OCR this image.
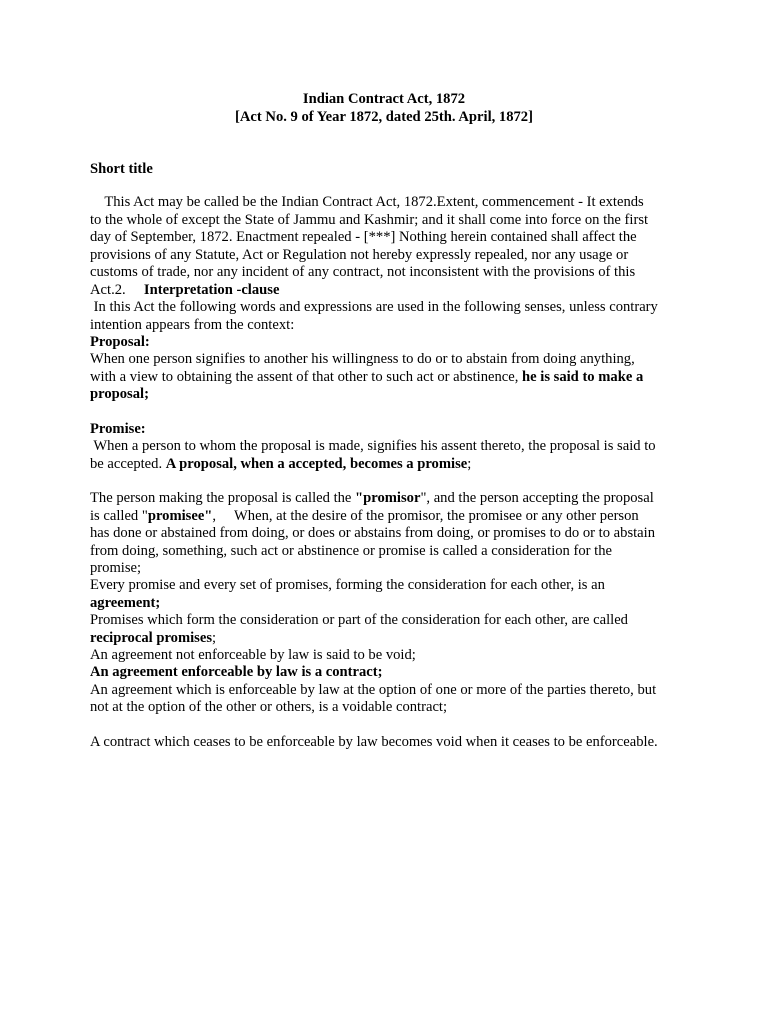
Indian Contract Act, 1872
[Act No. 9 of Year 1872, dated 25th. April, 1872]
Short title
This Act may be called be the Indian Contract Act, 1872.Extent, commencement - It extends
to the whole of except the State of Jammu and Kashmir; and it shall come into force on the first
day of September, 1872. Enactment repealed - [***] Nothing herein contained shall affect the
provisions of any Statute, Act or Regulation not hereby expressly repealed, nor any usage or
customs of trade, nor any incident of any contract, not inconsistent with the provisions of this
Act.2.     Interpretation -clause
In this Act the following words and expressions are used in the following senses, unless contrary
intention appears from the context:
Proposal:
When one person signifies to another his willingness to do or to abstain from doing anything,
with a view to obtaining the assent of that other to such act or abstinence, he is said to make a
proposal;
Promise:
When a person to whom the proposal is made, signifies his assent thereto, the proposal is said to
be accepted. A proposal, when a accepted, becomes a promise;
The person making the proposal is called the "promisor", and the person accepting the proposal
is called "promisee",     When, at the desire of the promisor, the promisee or any other person
has done or abstained from doing, or does or abstains from doing, or promises to do or to abstain
from doing, something, such act or abstinence or promise is called a consideration for the
promise;
Every promise and every set of promises, forming the consideration for each other, is an
agreement;
Promises which form the consideration or part of the consideration for each other, are called
reciprocal promises;
An agreement not enforceable by law is said to be void;
An agreement enforceable by law is a contract;
An agreement which is enforceable by law at the option of one or more of the parties thereto, but
not at the option of the other or others, is a voidable contract;
A contract which ceases to be enforceable by law becomes void when it ceases to be enforceable.
